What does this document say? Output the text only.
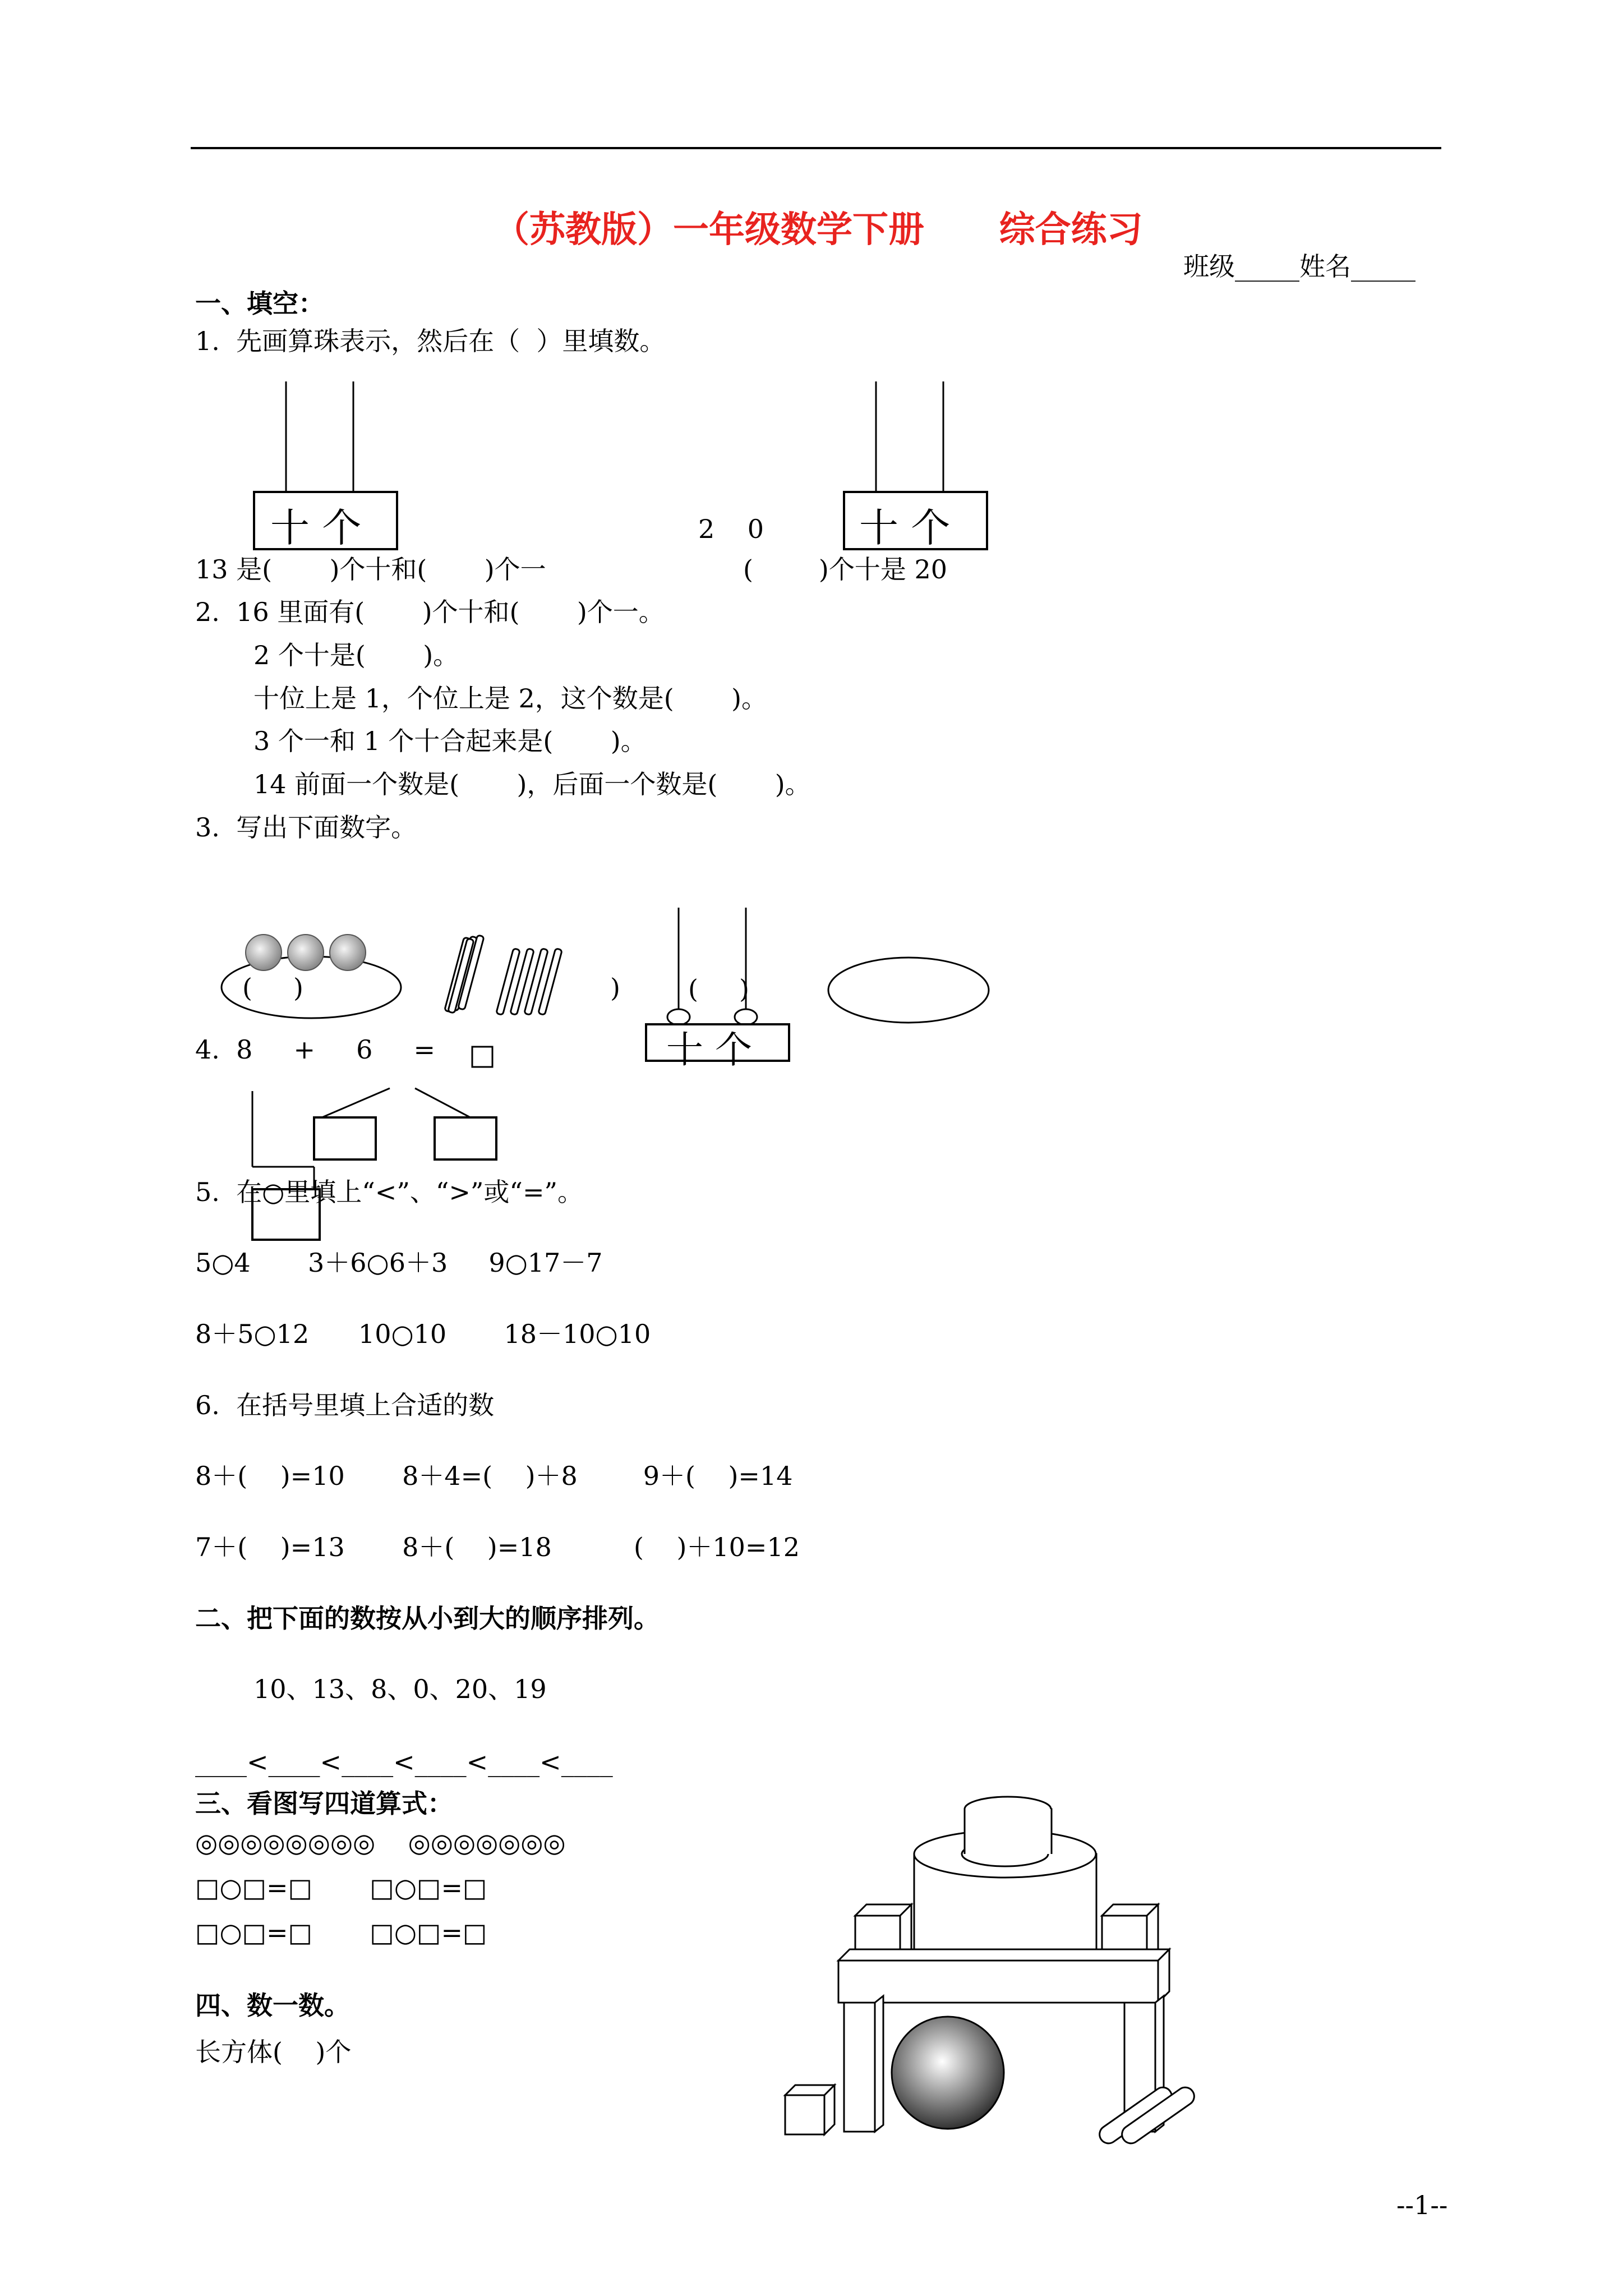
（苏教版）一年级数学下册      综合练习
班级_____姓名_____
一、填空：
1.  先画算珠表示，然后在（  ）里填数。
十 个	2    0 十 个
13 是(       )个十和(       )个一	(        )个十是 20
2.  16 里面有(       )个十和(       )个一。
2 个十是(       )。
十位上是 1，个位上是 2，这个数是(       )。
3 个一和 1 个十合起来是(       )。
14 前面一个数是(       )，后面一个数是(       )。
3.  写出下面数字。
(     )	)	(     )
十 个
4.  8     +     6     =
5.  在○里填上“<”、“>”或“=”。
5○4       3＋6○6＋3     9○17－7
8＋5○12      10○10       18－10○10
6.  在括号里填上合适的数
8＋(    )=10       8＋4=(    )＋8        9＋(    )=14
7＋(    )=13       8＋(    )=18          (    )＋10=12
二、把下面的数按从小到大的顺序排列。
10、13、8、0、20、19
____<____<____<____<____<____
三、看图写四道算式：
◎◎◎◎◎◎◎◎    ◎◎◎◎◎◎◎
□○□=□       □○□=□
□○□=□       □○□=□
四、数一数。
长方体(    )个
--1--
